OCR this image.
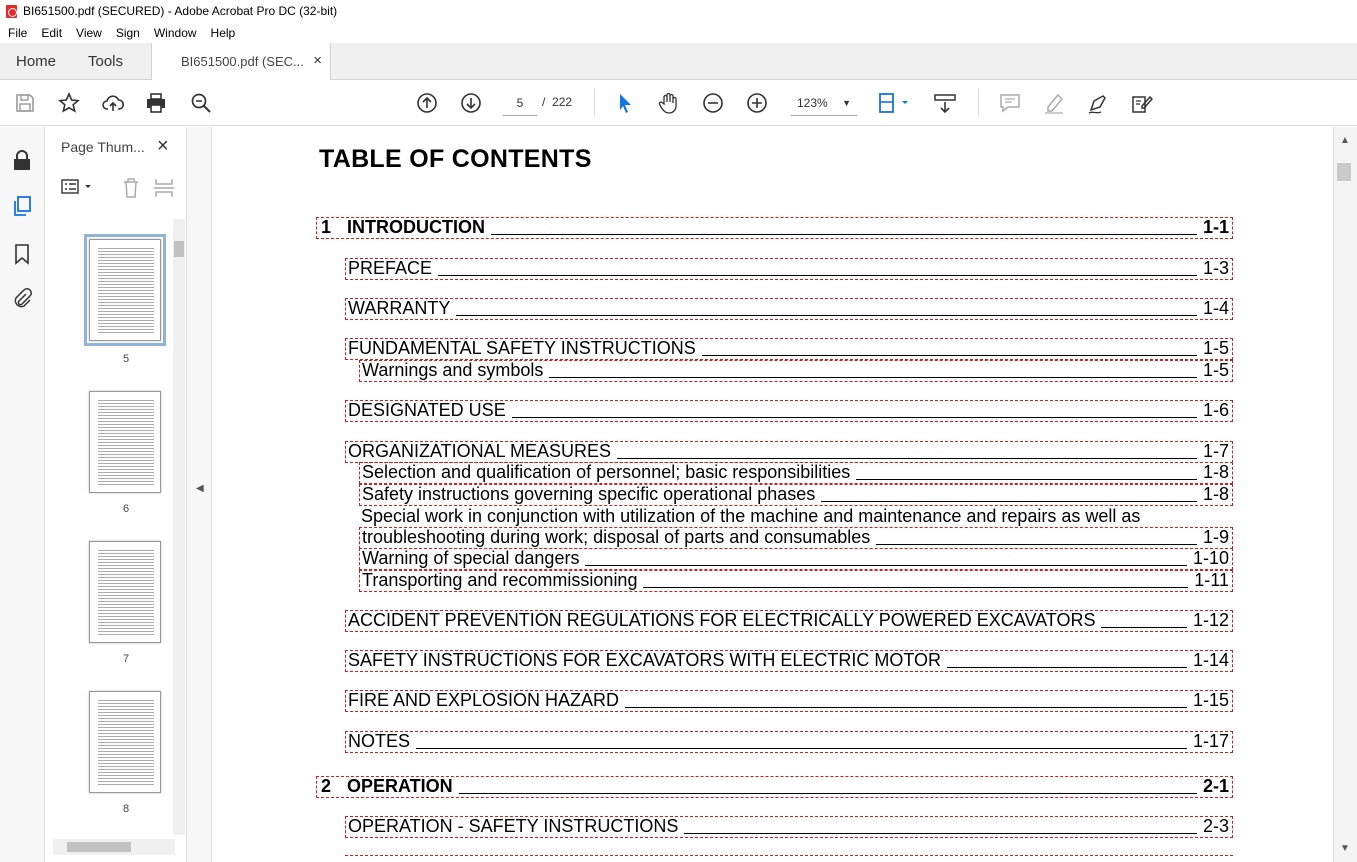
BI651500.pdf (SECURED) - Adobe Acrobat Pro DC (32-bit)
File Edit View Sign Window Help
Home Tools	BI651500.pdf (SEC... ×
5	/ 222	123% ▼
Page Thum... ×
5
6
7
8
◀
TABLE OF CONTENTS
1 INTRODUCTION	1-1
PREFACE	1-3
WARRANTY	1-4
FUNDAMENTAL SAFETY INSTRUCTIONS	1-5
Warnings and symbols	1-5
DESIGNATED USE	1-6
ORGANIZATIONAL MEASURES	1-7
Selection and qualification of personnel; basic responsibilities	1-8
Safety instructions governing specific operational phases	1-8
Special work in conjunction with utilization of the machine and maintenance and repairs as well as
troubleshooting during work; disposal of parts and consumables	1-9
Warning of special dangers	1-10
Transporting and recommissioning	1-11
ACCIDENT PREVENTION REGULATIONS FOR ELECTRICALLY POWERED EXCAVATORS	1-12
SAFETY INSTRUCTIONS FOR EXCAVATORS WITH ELECTRIC MOTOR	1-14
FIRE AND EXPLOSION HAZARD	1-15
NOTES	1-17
2 OPERATION	2-1
OPERATION - SAFETY INSTRUCTIONS	2-3
▲
▼
